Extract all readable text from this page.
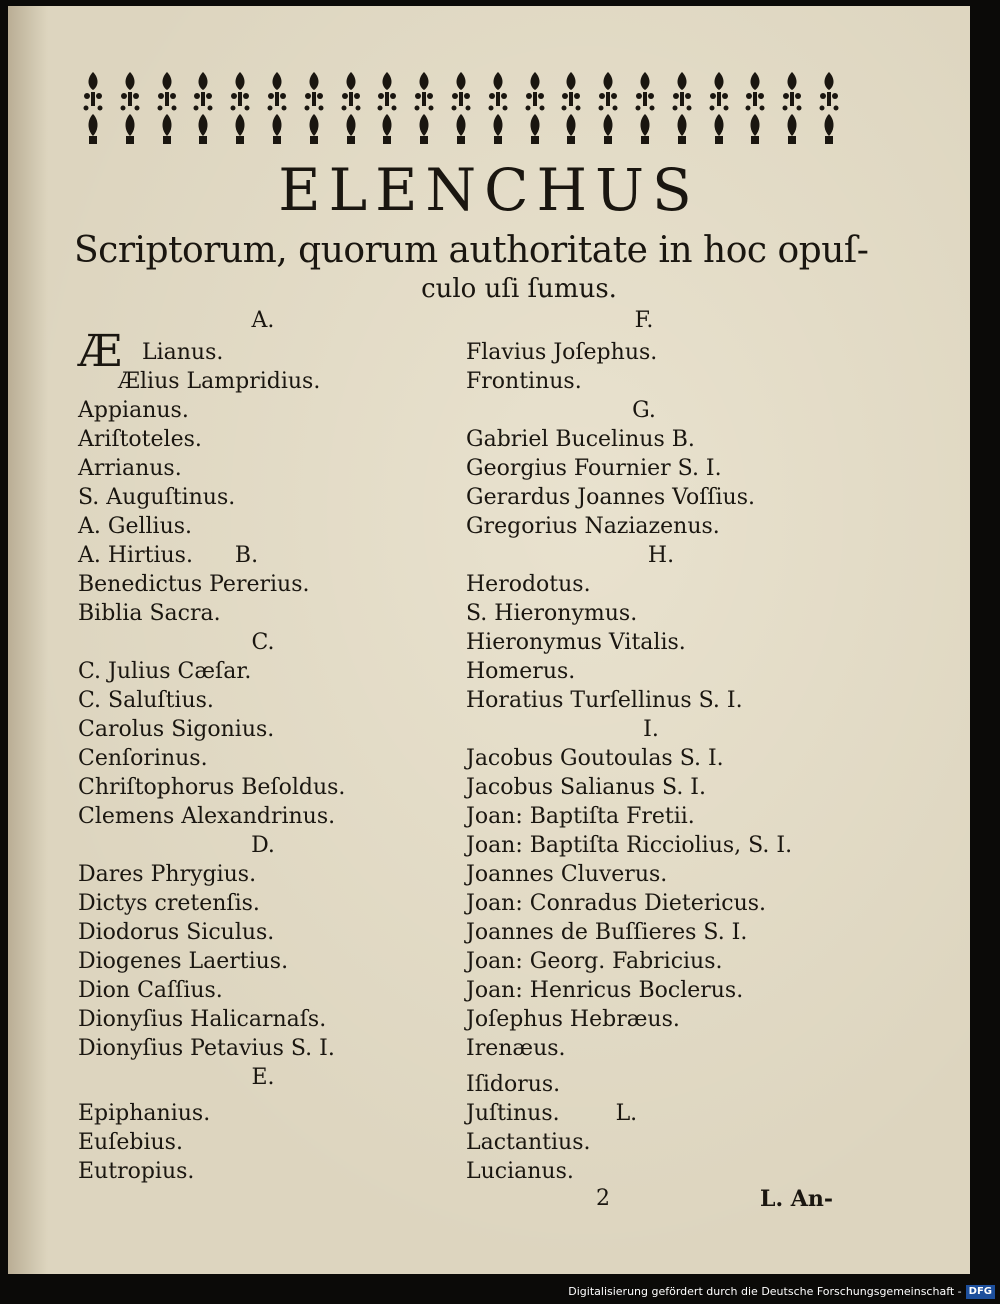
ELENCHUS
Scriptorum, quorum authoritate in hoc opuſ-
culo uſi ſumus.
A.
Æ Lianus.
Ælius Lampridius.
Appianus.
Ariſtoteles.
Arrianus.
S. Auguſtinus.
A. Gellius.
A. Hirtius.      B.
Benedictus Pererius.
Biblia Sacra.
C.
C. Julius Cæſar.
C. Saluſtius.
Carolus Sigonius.
Cenſorinus.
Chriſtophorus Beſoldus.
Clemens Alexandrinus.
D.
Dares Phrygius.
Dictys cretenſis.
Diodorus Siculus.
Diogenes Laertius.
Dion Caſſius.
Dionyſius Halicarnaſs.
Dionyſius Petavius S. I.
E.
Epiphanius.
Euſebius.
Eutropius.
F.
Flavius Joſephus.
Frontinus.
G.
Gabriel Bucelinus B.
Georgius Fournier S. I.
Gerardus Joannes Voſſius.
Gregorius Naziazenus.
H.
Herodotus.
S. Hieronymus.
Hieronymus Vitalis.
Homerus.
Horatius Turſellinus S. I.
I.
Jacobus Goutoulas S. I.
Jacobus Salianus S. I.
Joan: Baptiſta Fretii.
Joan: Baptiſta Ricciolius, S. I.
Joannes Cluverus.
Joan: Conradus Dietericus.
Joannes de Buſſieres S. I.
Joan: Georg. Fabricius.
Joan: Henricus Boclerus.
Joſephus Hebræus.
Irenæus.
Iſidorus.
Juſtinus.        L.
Lactantius.
Lucianus.
2	L. An-
Digitalisierung gefördert durch die Deutsche Forschungsgemeinschaft - DFG
